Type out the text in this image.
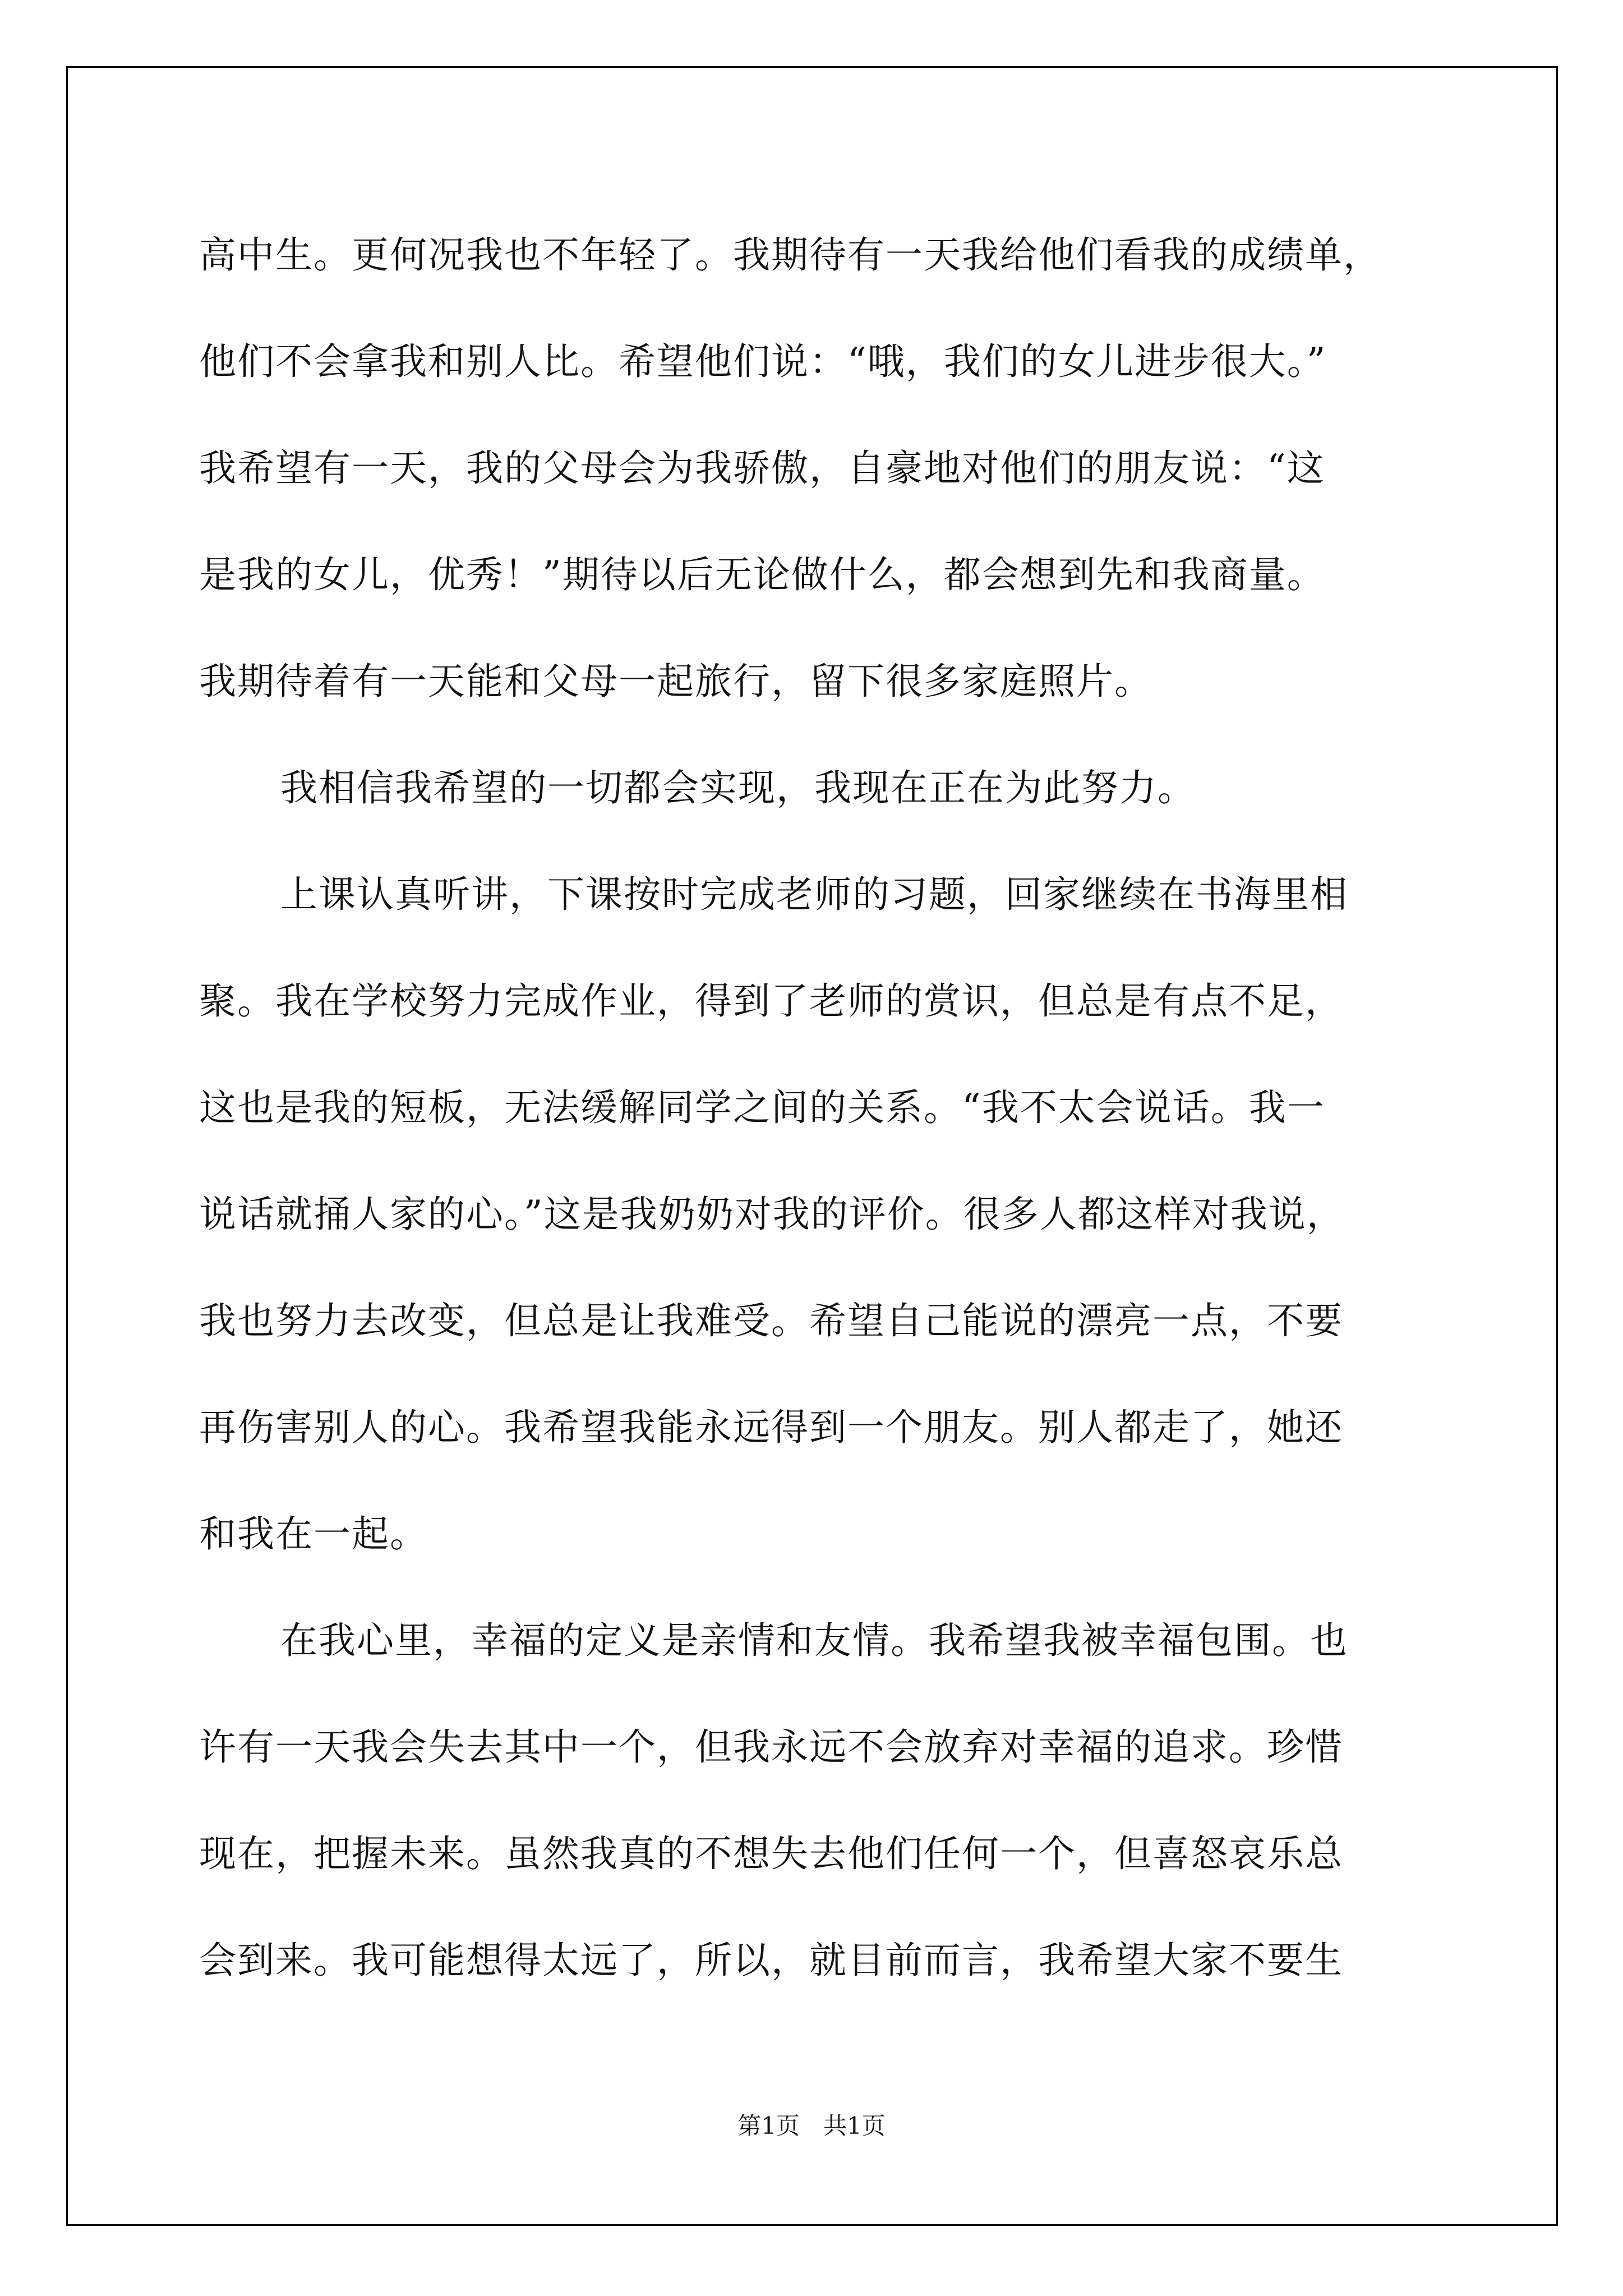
高中生。更何况我也不年轻了。我期待有一天我给他们看我的成绩单，
他们不会拿我和别人比。希望他们说：“哦，我们的女儿进步很大。”
我希望有一天，我的父母会为我骄傲，自豪地对他们的朋友说：“这
是我的女儿，优秀！”期待以后无论做什么，都会想到先和我商量。
我期待着有一天能和父母一起旅行，留下很多家庭照片。
我相信我希望的一切都会实现，我现在正在为此努力。
上课认真听讲，下课按时完成老师的习题，回家继续在书海里相
聚。我在学校努力完成作业，得到了老师的赏识，但总是有点不足，
这也是我的短板，无法缓解同学之间的关系。“我不太会说话。我一
说话就捅人家的心。”这是我奶奶对我的评价。很多人都这样对我说，
我也努力去改变，但总是让我难受。希望自己能说的漂亮一点，不要
再伤害别人的心。我希望我能永远得到一个朋友。别人都走了，她还
和我在一起。
在我心里，幸福的定义是亲情和友情。我希望我被幸福包围。也
许有一天我会失去其中一个，但我永远不会放弃对幸福的追求。珍惜
现在，把握未来。虽然我真的不想失去他们任何一个，但喜怒哀乐总
会到来。我可能想得太远了，所以，就目前而言，我希望大家不要生
第1页　共1页
